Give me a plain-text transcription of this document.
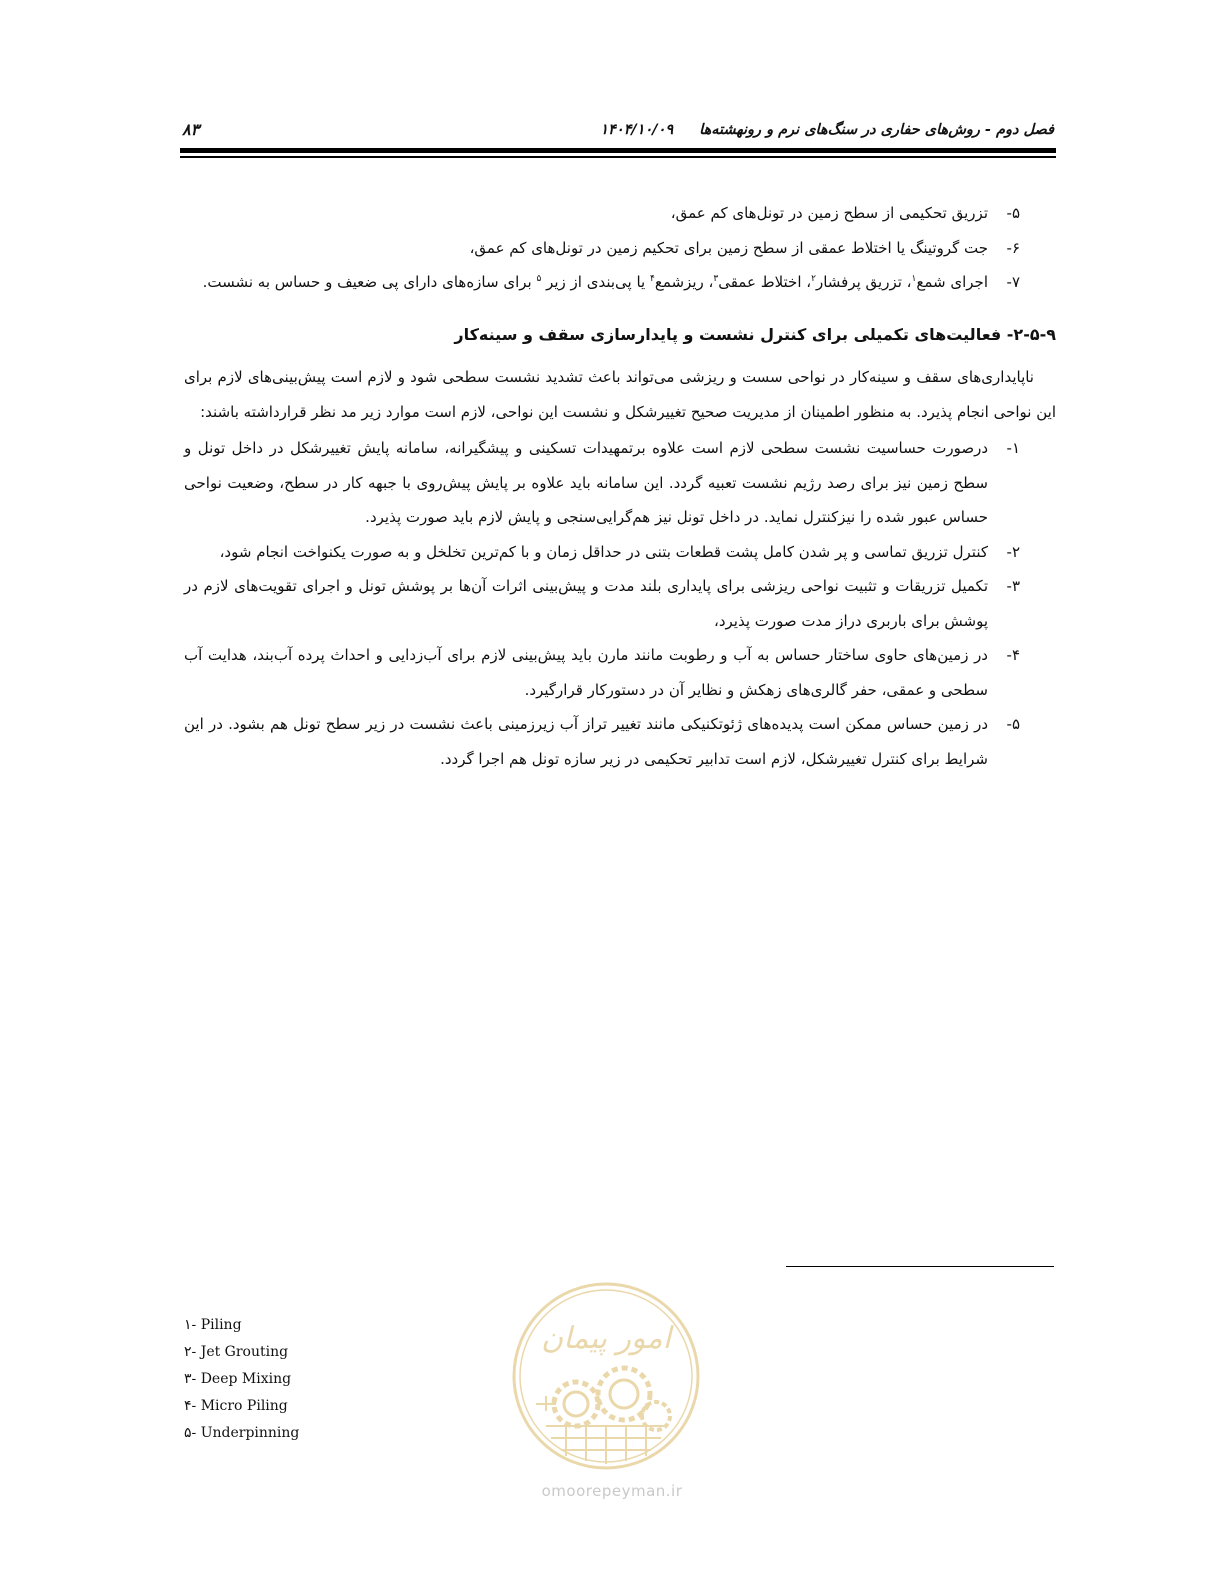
فصل دوم - روش‌های حفاری در سنگ‌های نرم و رونهشته‌ها۱۴۰۴/۱۰/۰۹
۸۳
۵-
تزریق تحکیمی از سطح زمین در تونل‌های کم عمق،
۶-
جت گروتینگ یا اختلاط عمقی از سطح زمین برای تحکیم زمین در تونل‌های کم عمق،
۷-
اجرای شمع$^۱$، تزریق پرفشار$^۲$، اختلاط عمقی$^۳$، ریزشمع$^۴$ یا پی‌بندی از زیر $^۵$ برای سازه‌های دارای پی ضعیف و حساس به نشست.
۲-۵-۹- فعالیت‌های تکمیلی برای کنترل نشست و پایدارسازی سقف و سینه‌کار
ناپایداری‌های سقف و سینه‌کار در نواحی سست و ریزشی می‌تواند باعث تشدید نشست سطحی شود و لازم است پیش‌بینی‌های لازم برای این نواحی انجام پذیرد. به منظور اطمینان از مدیریت صحیح تغییرشکل و نشست این نواحی، لازم است موارد زیر مد نظر قرارداشته باشند:
۱-
درصورت حساسیت نشست سطحی لازم است علاوه برتمهیدات تسکینی و پیشگیرانه، سامانه پایش تغییرشکل در داخل تونل و سطح زمین نیز برای رصد رژیم نشست تعبیه گردد. این سامانه باید علاوه بر پایش پیش‌روی با جبهه کار در سطح، وضعیت نواحی حساس عبور شده را نیزکنترل نماید. در داخل تونل نیز هم‌گرایی‌سنجی و پایش لازم باید صورت پذیرد.
۲-
کنترل تزریق تماسی و پر شدن کامل پشت قطعات بتنی در حداقل زمان و با کم‌ترین تخلخل و به صورت یکنواخت انجام شود،
۳-
تکمیل تزریقات و تثبیت نواحی ریزشی برای پایداری بلند مدت و پیش‌بینی اثرات آن‌ها بر پوشش تونل و اجرای تقویت‌های لازم در پوشش برای باربری دراز مدت صورت پذیرد،
۴-
در زمین‌های حاوی ساختار حساس به آب و رطوبت مانند مارن باید پیش‌بینی لازم برای آب‌زدایی و احداث پرده آب‌بند، هدایت آب سطحی و عمقی، حفر گالری‌های زهکش و نظایر آن در دستورکار قرارگیرد.
۵-
در زمین حساس ممکن است پدیده‌های ژئوتکنیکی مانند تغییر تراز آب زیرزمینی باعث نشست در زیر سطح تونل هم بشود. در این شرایط برای کنترل تغییرشکل، لازم است تدابیر تحکیمی در زیر سازه تونل هم اجرا گردد.
۱- Piling
۲- Jet Grouting
۳- Deep Mixing
۴- Micro Piling
۵- Underpinning
امور پیمان
omoorepeyman.ir
